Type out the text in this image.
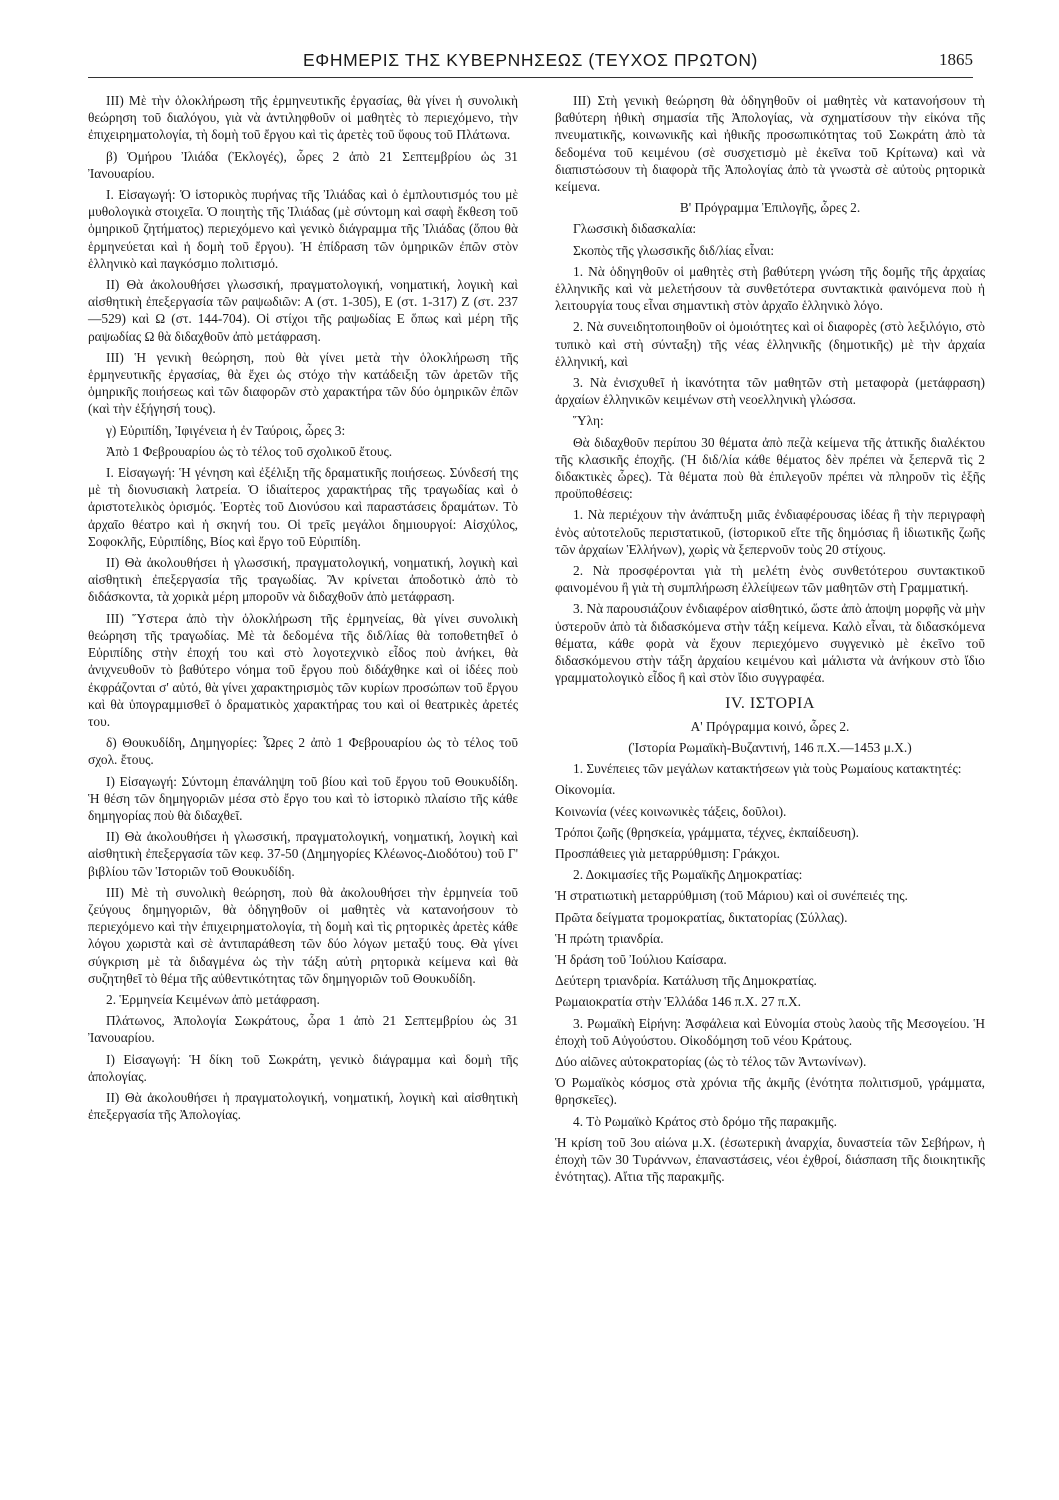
ΕΦΗΜΕΡΙΣ ΤΗΣ ΚΥΒΕΡΝΗΣΕΩΣ (ΤΕΥΧΟΣ ΠΡΩΤΟΝ)	1865

III) Μὲ τὴν ὁλοκλήρωση τῆς ἑρμηνευτικῆς ἐργασίας, θὰ γίνει ἡ συνολικὴ θεώρηση τοῦ διαλόγου, γιὰ νὰ ἀντιληφθοῦν οἱ μαθητὲς τὸ περιεχόμενο, τὴν ἐπιχειρηματολογία, τὴ δομὴ τοῦ ἔργου καὶ τὶς ἀρετὲς τοῦ ὕφους τοῦ Πλάτωνα.

β) Ὁμήρου Ἰλιάδα (Ἐκλογές), ὧρες 2 ἀπὸ 21 Σεπτεμβρίου ὡς 31 Ἰανουαρίου.

I. Εἰσαγωγή: Ὁ ἱστορικὸς πυρήνας τῆς Ἰλιάδας καὶ ὁ ἐμπλουτισμός του μὲ μυθολογικὰ στοιχεῖα. Ὁ ποιητὴς τῆς Ἰλιάδας (μὲ σύντομη καὶ σαφὴ ἔκθεση τοῦ ὁμηρικοῦ ζητήματος) περιεχόμενο καὶ γενικὸ διάγραμμα τῆς Ἰλιάδας (ὅπου θὰ ἑρμηνεύεται καὶ ἡ δομὴ τοῦ ἔργου). Ἡ ἐπίδραση τῶν ὁμηρικῶν ἐπῶν στὸν ἑλληνικὸ καὶ παγκόσμιο πολιτισμό.

II) Θὰ ἀκολουθήσει γλωσσική, πραγματολογική, νοηματική, λογικὴ καὶ αἰσθητικὴ ἐπεξεργασία τῶν ραψωδιῶν: Α (στ. 1-305), Ε (στ. 1-317) Ζ (στ. 237—529) καὶ Ω (στ. 144-704). Οἱ στίχοι τῆς ραψωδίας Ε ὅπως καὶ μέρη τῆς ραψωδίας Ω θὰ διδαχθοῦν ἀπὸ μετάφραση.

III) Ἡ γενικὴ θεώρηση, ποὺ θὰ γίνει μετὰ τὴν ὁλοκλήρωση τῆς ἑρμηνευτικῆς ἐργασίας, θὰ ἔχει ὡς στόχο τὴν κατάδειξη τῶν ἀρετῶν τῆς ὁμηρικῆς ποιήσεως καὶ τῶν διαφορῶν στὸ χαρακτήρα τῶν δύο ὁμηρικῶν ἐπῶν (καὶ τὴν ἐξήγησή τους).

γ) Εὐριπίδη, Ἰφιγένεια ἡ ἐν Ταύροις, ὧρες 3:

Ἀπὸ 1 Φεβρουαρίου ὡς τὸ τέλος τοῦ σχολικοῦ ἔτους.

I. Εἰσαγωγή: Ἡ γένηση καὶ ἐξέλιξη τῆς δραματικῆς ποιήσεως. Σύνδεσή της μὲ τὴ διονυσιακὴ λατρεία. Ὁ ἰδιαίτερος χαρακτήρας τῆς τραγωδίας καὶ ὁ ἀριστοτελικὸς ὁρισμός. Ἑορτὲς τοῦ Διονύσου καὶ παραστάσεις δραμάτων. Τὸ ἀρχαῖο θέατρο καὶ ἡ σκηνή του. Οἱ τρεῖς μεγάλοι δημιουργοί: Αἰσχύλος, Σοφοκλῆς, Εὐριπίδης, Βίος καὶ ἔργο τοῦ Εὐριπίδη.

II) Θὰ ἀκολουθήσει ἡ γλωσσική, πραγματολογική, νοηματική, λογικὴ καὶ αἰσθητικὴ ἐπεξεργασία τῆς τραγωδίας. Ἂν κρίνεται ἀποδοτικὸ ἀπὸ τὸ διδάσκοντα, τὰ χορικὰ μέρη μποροῦν νὰ διδαχθοῦν ἀπὸ μετάφραση.

III) Ὕστερα ἀπὸ τὴν ὁλοκλήρωση τῆς ἑρμηνείας, θὰ γίνει συνολικὴ θεώρηση τῆς τραγωδίας. Μὲ τὰ δεδομένα τῆς διδ/λίας θὰ τοποθετηθεῖ ὁ Εὐριπίδης στὴν ἐποχή του καὶ στὸ λογοτεχνικὸ εἶδος ποὺ ἀνήκει, θὰ ἀνιχνευθοῦν τὸ βαθύτερο νόημα τοῦ ἔργου ποὺ διδάχθηκε καὶ οἱ ἰδέες ποὺ ἐκφράζονται σ' αὐτό, θὰ γίνει χαρακτηρισμὸς τῶν κυρίων προσώπων τοῦ ἔργου καὶ θὰ ὑπογραμμισθεῖ ὁ δραματικὸς χαρακτήρας του καὶ οἱ θεατρικὲς ἀρετές του.

δ) Θουκυδίδη, Δημηγορίες: Ὧρες 2 ἀπὸ 1 Φεβρουαρίου ὡς τὸ τέλος τοῦ σχολ. ἔτους.

I) Εἰσαγωγή: Σύντομη ἐπανάληψη τοῦ βίου καὶ τοῦ ἔργου τοῦ Θουκυδίδη. Ἡ θέση τῶν δημηγοριῶν μέσα στὸ ἔργο του καὶ τὸ ἱστορικὸ πλαίσιο τῆς κάθε δημηγορίας ποὺ θὰ διδαχθεῖ.

II) Θὰ ἀκολουθήσει ἡ γλωσσική, πραγματολογική, νοηματική, λογικὴ καὶ αἰσθητικὴ ἐπεξεργασία τῶν κεφ. 37-50 (Δημηγορίες Κλέωνος-Διοδότου) τοῦ Γ' βιβλίου τῶν Ἱστοριῶν τοῦ Θουκυδίδη.

III) Μὲ τὴ συνολικὴ θεώρηση, ποὺ θὰ ἀκολουθήσει τὴν ἑρμηνεία τοῦ ζεύγους δημηγοριῶν, θὰ ὁδηγηθοῦν οἱ μαθητὲς νὰ κατανοήσουν τὸ περιεχόμενο καὶ τὴν ἐπιχειρηματολογία, τὴ δομὴ καὶ τὶς ρητορικὲς ἀρετὲς κάθε λόγου χωριστὰ καὶ σὲ ἀντιπαράθεση τῶν δύο λόγων μεταξύ τους. Θὰ γίνει σύγκριση μὲ τὰ διδαγμένα ὡς τὴν τάξη αὐτὴ ρητορικὰ κείμενα καὶ θὰ συζητηθεῖ τὸ θέμα τῆς αὐθεντικότητας τῶν δημηγοριῶν τοῦ Θουκυδίδη.

2. Ἑρμηνεία Κειμένων ἀπὸ μετάφραση.

Πλάτωνος, Ἀπολογία Σωκράτους, ὧρα 1 ἀπὸ 21 Σεπτεμβρίου ὡς 31 Ἰανουαρίου.

I) Εἰσαγωγή: Ἡ δίκη τοῦ Σωκράτη, γενικὸ διάγραμμα καὶ δομὴ τῆς ἀπολογίας.

II) Θὰ ἀκολουθήσει ἡ πραγματολογική, νοηματική, λογικὴ καὶ αἰσθητικὴ ἐπεξεργασία τῆς Ἀπολογίας.

III) Στὴ γενικὴ θεώρηση θὰ ὁδηγηθοῦν οἱ μαθητὲς νὰ κατανοήσουν τὴ βαθύτερη ἠθικὴ σημασία τῆς Ἀπολογίας, νὰ σχηματίσουν τὴν εἰκόνα τῆς πνευματικῆς, κοινωνικῆς καὶ ἠθικῆς προσωπικότητας τοῦ Σωκράτη ἀπὸ τὰ δεδομένα τοῦ κειμένου (σὲ συσχετισμὸ μὲ ἐκεῖνα τοῦ Κρίτωνα) καὶ νὰ διαπιστώσουν τὴ διαφορὰ τῆς Ἀπολογίας ἀπὸ τὰ γνωστὰ σὲ αὐτοὺς ρητορικὰ κείμενα.

Β' Πρόγραμμα Ἐπιλογῆς, ὧρες 2.

Γλωσσικὴ διδασκαλία:

Σκοπὸς τῆς γλωσσικῆς διδ/λίας εἶναι:

1. Νὰ ὁδηγηθοῦν οἱ μαθητὲς στὴ βαθύτερη γνώση τῆς δομῆς τῆς ἀρχαίας ἑλληνικῆς καὶ νὰ μελετήσουν τὰ συνθετότερα συντακτικὰ φαινόμενα ποὺ ἡ λειτουργία τους εἶναι σημαντικὴ στὸν ἀρχαῖο ἑλληνικὸ λόγο.

2. Νὰ συνειδητοποιηθοῦν οἱ ὁμοιότητες καὶ οἱ διαφορὲς (στὸ λεξιλόγιο, στὸ τυπικὸ καὶ στὴ σύνταξη) τῆς νέας ἑλληνικῆς (δημοτικῆς) μὲ τὴν ἀρχαία ἑλληνική, καὶ

3. Νὰ ἐνισχυθεῖ ἡ ἱκανότητα τῶν μαθητῶν στὴ μεταφορὰ (μετάφραση) ἀρχαίων ἑλληνικῶν κειμένων στὴ νεοελληνικὴ γλώσσα.

Ὕλη:

Θὰ διδαχθοῦν περίπου 30 θέματα ἀπὸ πεζὰ κείμενα τῆς ἀττικῆς διαλέκτου τῆς κλασικῆς ἐποχῆς. (Ἡ διδ/λία κάθε θέματος δὲν πρέπει νὰ ξεπερνᾶ τὶς 2 διδακτικὲς ὧρες). Τὰ θέματα ποὺ θὰ ἐπιλεγοῦν πρέπει νὰ πληροῦν τὶς ἑξῆς προϋποθέσεις:

1. Νὰ περιέχουν τὴν ἀνάπτυξη μιᾶς ἐνδιαφέρουσας ἰδέας ἢ τὴν περιγραφὴ ἑνὸς αὐτοτελοῦς περιστατικοῦ, (ἱστορικοῦ εἴτε τῆς δημόσιας ἢ ἰδιωτικῆς ζωῆς τῶν ἀρχαίων Ἑλλήνων), χωρὶς νὰ ξεπερνοῦν τοὺς 20 στίχους.

2. Νὰ προσφέρονται γιὰ τὴ μελέτη ἑνὸς συνθετότερου συντακτικοῦ φαινομένου ἢ γιὰ τὴ συμπλήρωση ἐλλείψεων τῶν μαθητῶν στὴ Γραμματική.

3. Νὰ παρουσιάζουν ἐνδιαφέρον αἰσθητικό, ὥστε ἀπὸ ἀποψη μορφῆς νὰ μὴν ὑστεροῦν ἀπὸ τὰ διδασκόμενα στὴν τάξη κείμενα. Καλὸ εἶναι, τὰ διδασκόμενα θέματα, κάθε φορὰ νὰ ἔχουν περιεχόμενο συγγενικὸ μὲ ἐκεῖνο τοῦ διδασκόμενου στὴν τάξη ἀρχαίου κειμένου καὶ μάλιστα νὰ ἀνήκουν στὸ ἴδιο γραμματολογικὸ εἶδος ἢ καὶ στὸν ἴδιο συγγραφέα.

IV. ΙΣΤΟΡΙΑ

Α' Πρόγραμμα κοινό, ὧρες 2.

(Ἱστορία Ρωμαϊκὴ-Βυζαντινή, 146 π.Χ.—1453 μ.Χ.)

1. Συνέπειες τῶν μεγάλων κατακτήσεων γιὰ τοὺς Ρωμαίους κατακτητές:

Οἰκονομία.

Κοινωνία (νέες κοινωνικὲς τάξεις, δοῦλοι).

Τρόποι ζωῆς (θρησκεία, γράμματα, τέχνες, ἐκπαίδευση).

Προσπάθειες γιὰ μεταρρύθμιση: Γράκχοι.

2. Δοκιμασίες τῆς Ρωμαϊκῆς Δημοκρατίας:

Ἡ στρατιωτικὴ μεταρρύθμιση (τοῦ Μάριου) καὶ οἱ συνέπειές της.

Πρῶτα δείγματα τρομοκρατίας, δικτατορίας (Σύλλας).

Ἡ πρώτη τριανδρία.

Ἡ δράση τοῦ Ἰούλιου Καίσαρα.

Δεύτερη τριανδρία. Κατάλυση τῆς Δημοκρατίας.

Ρωμαιοκρατία στὴν Ἑλλάδα 146 π.Χ. 27 π.Χ.

3. Ρωμαϊκὴ Εἰρήνη: Ἀσφάλεια καὶ Εὐνομία στοὺς λαοὺς τῆς Μεσογείου. Ἡ ἐποχὴ τοῦ Αὐγούστου. Οἰκοδόμηση τοῦ νέου Κράτους.

Δύο αἰῶνες αὐτοκρατορίας (ὡς τὸ τέλος τῶν Ἀντωνίνων).

Ὁ Ρωμαϊκὸς κόσμος στὰ χρόνια τῆς ἀκμῆς (ἑνότητα πολιτισμοῦ, γράμματα, θρησκεῖες).

4. Τὸ Ρωμαϊκὸ Κράτος στὸ δρόμο τῆς παρακμῆς.

Ἡ κρίση τοῦ 3ου αἰώνα μ.Χ. (ἐσωτερικὴ ἀναρχία, δυναστεία τῶν Σεβήρων, ἡ ἐποχὴ τῶν 30 Τυράννων, ἐπαναστάσεις, νέοι ἐχθροί, διάσπαση τῆς διοικητικῆς ἑνότητας). Αἴτια τῆς παρακμῆς.
